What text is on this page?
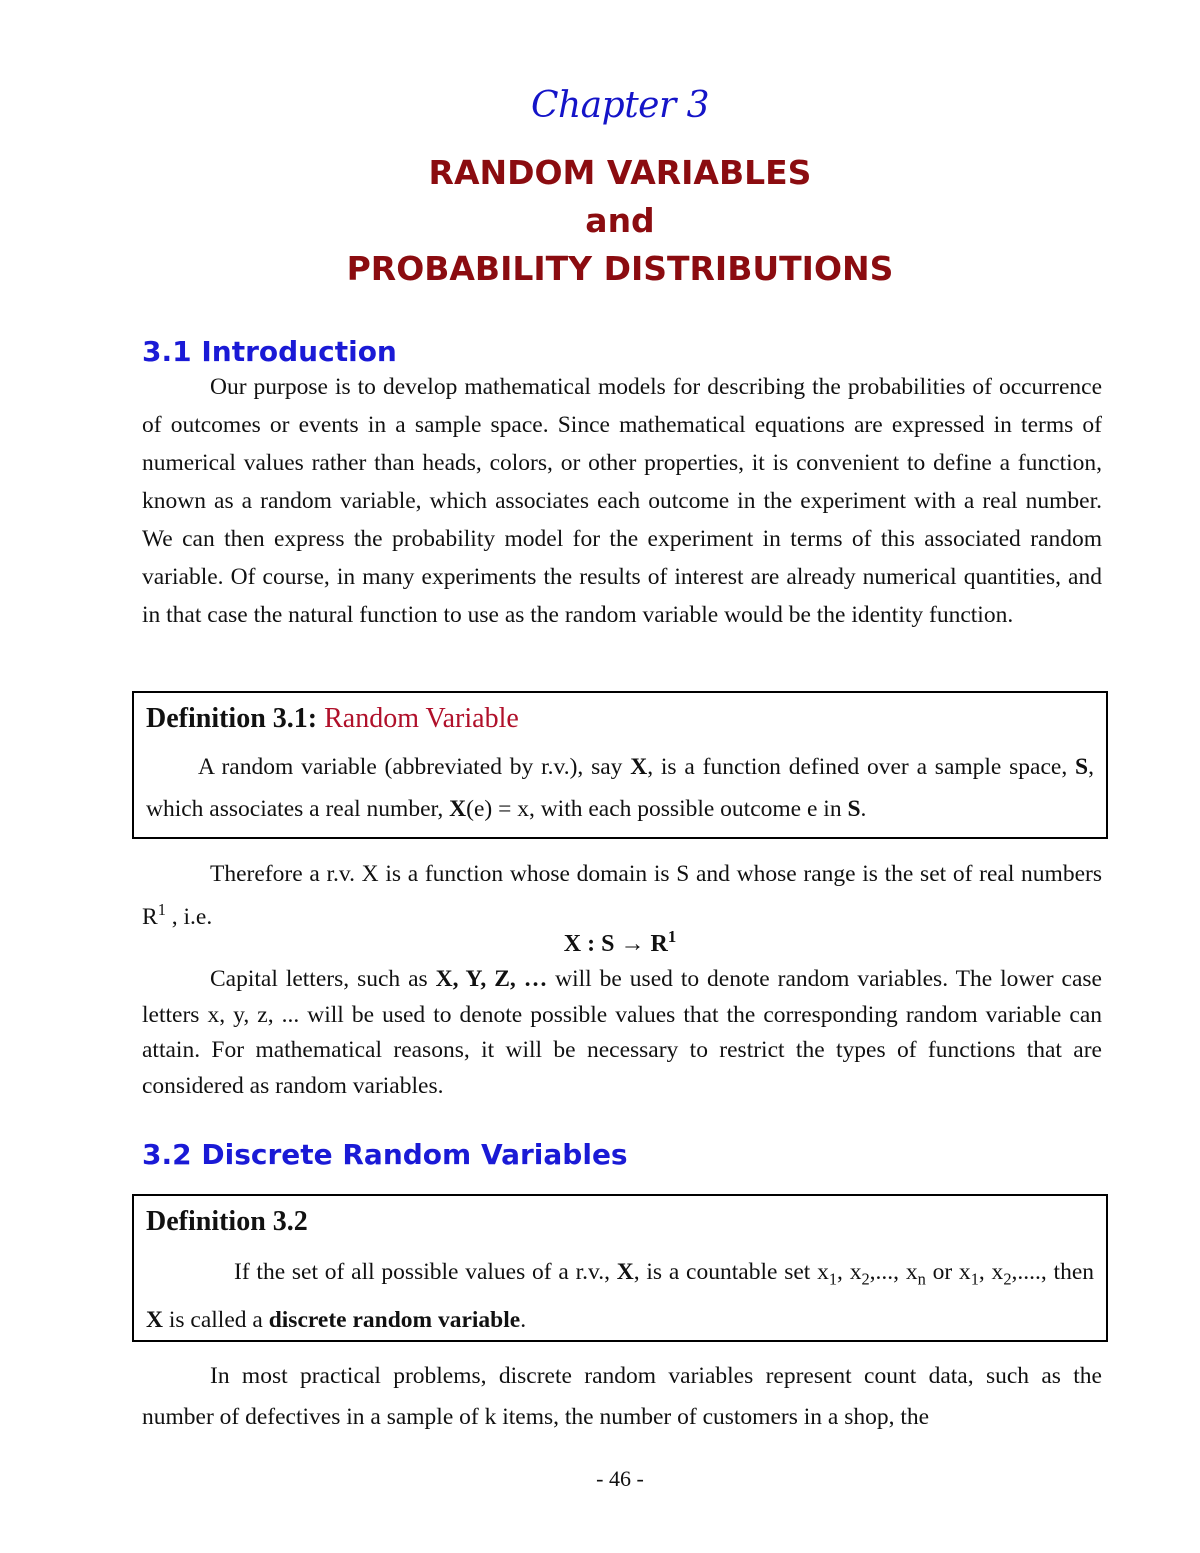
Chapter 3
RANDOM VARIABLES
and
PROBABILITY DISTRIBUTIONS
3.1 Introduction

Our purpose is to develop mathematical models for describing the probabilities of occurrence of outcomes or events in a sample space. Since mathematical equations are expressed in terms of numerical values rather than heads, colors, or other properties, it is convenient to define a function, known as a random variable, which associates each outcome in the experiment with a real number. We can then express the probability model for the experiment in terms of this associated random variable. Of course, in many experiments the results of interest are already numerical quantities, and in that case the natural function to use as the random variable would be the identity function.

Definition 3.1: Random Variable

A random variable (abbreviated by r.v.), say X, is a function defined over a sample space, S, which associates a real number, X(e) = x, with each possible outcome e in S.

Therefore a r.v. X is a function whose domain is S and whose range is the set of real numbers $R^1$ , i.e.

X : $S \to R^1$

Capital letters, such as X, Y, Z, … will be used to denote random variables. The lower case letters x, y, z, ... will be used to denote possible values that the corresponding random variable can attain. For mathematical reasons, it will be necessary to restrict the types of functions that are considered as random variables.

3.2 Discrete Random Variables
Definition 3.2

If the set of all possible values of a r.v., X, is a countable set $x_1$, $x_2$,..., $x_n$ or $x_1$, $x_2$,...., then X is called a discrete random variable.

In most practical problems, discrete random variables represent count data, such as the number of defectives in a sample of k items, the number of customers in a shop, the

- 46 -
